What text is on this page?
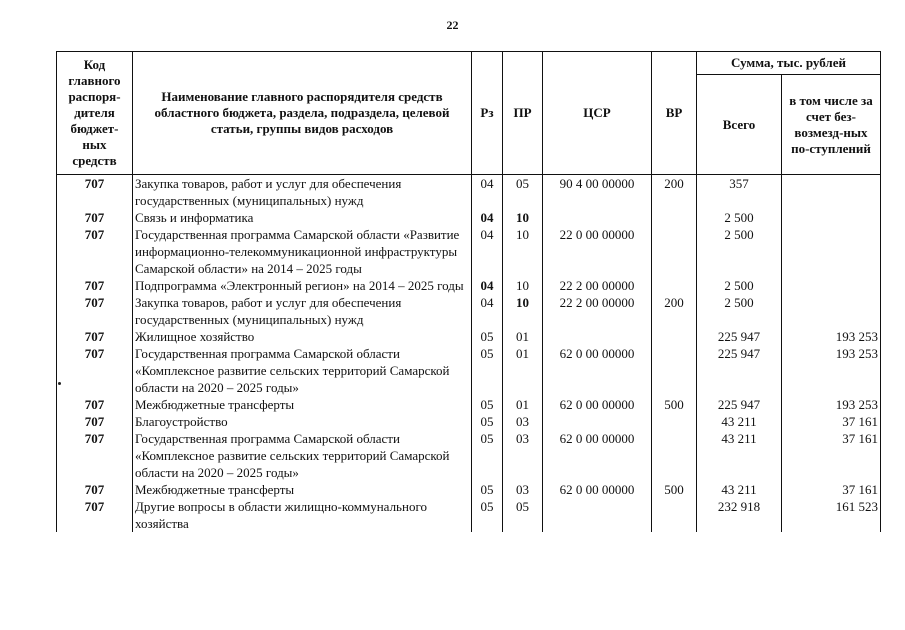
22
Код главного распоря-дителя бюджет-ных средств	Наименование главного распорядителя средств областного бюджета, раздела, подраздела, целевой статьи, группы видов расходов	Рз	ПР	ЦСР	ВР	Сумма, тыс. рублей	
						Всего	в том числе за счет без-возмезд-ных по-ступлений
707	Закупка товаров, работ и услуг для обеспечения государственных (муниципальных) нужд	04	05	90 4 00 00000	200	357	
707	Связь и информатика	04	10			2 500	
707	Государственная программа Самарской области «Развитие информационно-телекоммуникационной инфраструктуры Самарской области» на 2014 – 2025 годы	04	10	22 0 00 00000		2 500	
707	Подпрограмма «Электронный регион» на 2014 – 2025 годы	04	10	22 2 00 00000		2 500	
707	Закупка товаров, работ и услуг для обеспечения государственных (муниципальных) нужд	04	10	22 2 00 00000	200	2 500	
707	Жилищное хозяйство	05	01			225 947	193 253
707	Государственная программа Самарской области «Комплексное развитие сельских территорий Самарской области на 2020 – 2025 годы»	05	01	62 0 00 00000		225 947	193 253
707	Межбюджетные трансферты	05	01	62 0 00 00000	500	225 947	193 253
707	Благоустройство	05	03			43 211	37 161
707	Государственная программа Самарской области «Комплексное развитие сельских территорий Самарской области на 2020 – 2025 годы»	05	03	62 0 00 00000		43 211	37 161
707	Межбюджетные трансферты	05	03	62 0 00 00000	500	43 211	37 161
707	Другие вопросы в области жилищно-коммунального хозяйства	05	05			232 918	161 523
